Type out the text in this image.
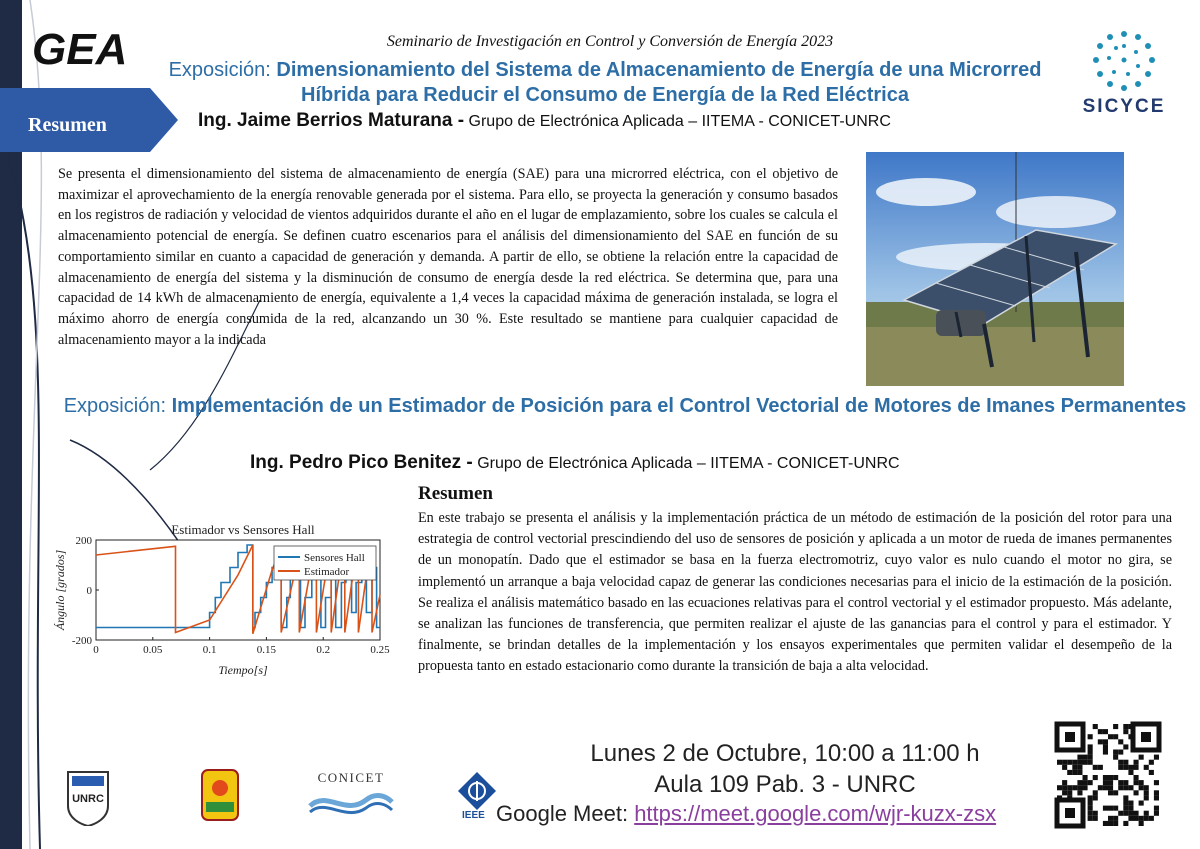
Resumen
GEA
SICYCE
Seminario de Investigación en Control y Conversión de Energía 2023
Exposición: Dimensionamiento del Sistema de Almacenamiento de Energía de una Microrred Híbrida para Reducir el Consumo de Energía de la Red Eléctrica
Ing. Jaime Berrios Maturana - Grupo de Electrónica Aplicada – IITEMA - CONICET-UNRC
Se presenta el dimensionamiento del sistema de almacenamiento de energía (SAE) para una microrred eléctrica, con el objetivo de maximizar el aprovechamiento de la energía renovable generada por el sistema. Para ello, se proyecta la generación y consumo basados en los registros de radiación y velocidad de vientos adquiridos durante el año en el lugar de emplazamiento, sobre los cuales se calcula el almacenamiento potencial de energía. Se definen cuatro escenarios para el análisis del dimensionamiento del SAE en función de su comportamiento similar en cuanto a capacidad de generación y demanda. A partir de ello, se obtiene la relación entre la capacidad de almacenamiento de energía del sistema y la disminución de consumo de energía desde la red eléctrica. Se determina que, para una capacidad de 14 kWh de almacenamiento de energía, equivalente a 1,4 veces la capacidad máxima de generación instalada, se logra el máximo ahorro de energía consumida de la red, alcanzando un 30 %. Este resultado se mantiene para cualquier capacidad de almacenamiento mayor a la indicada
Exposición: Implementación de un Estimador de Posición para el Control Vectorial de Motores de Imanes Permanentes
Ing. Pedro Pico Benitez - Grupo de Electrónica Aplicada – IITEMA - CONICET-UNRC
Resumen
En este trabajo se presenta el análisis y la implementación práctica de un método de estimación de la posición del rotor para una estrategia de control vectorial prescindiendo del uso de sensores de posición y aplicada a un motor de rueda de imanes permanentes de un monopatín. Dado que el estimador se basa en la fuerza electromotriz, cuyo valor es nulo cuando el motor no gira, se implementó un arranque a baja velocidad capaz de generar las condiciones necesarias para el inicio de la estimación de la posición. Se realiza el análisis matemático basado en las ecuaciones relativas para el control vectorial y el estimador propuesto. Más adelante, se analizan las funciones de transferencia, que permiten realizar el ajuste de las ganancias para el control y para el estimador. Y finalmente, se brindan detalles de la implementación y los ensayos experimentales que permiten validar el desempeño de la propuesta tanto en estado estacionario como durante la transición de baja a alta velocidad.
Estimador vs Sensores Hall
0	0.05	0.1	0.15	0.2	0.25
200
0
-200
Sensores Hall
Estimador
Tiempo[s]
Ángulo [grados]
Lunes 2 de Octubre, 10:00 a 11:00 h
Aula 109 Pab. 3 - UNRC
Google Meet: https://meet.google.com/wjr-kuzx-zsx
UNRC
CONICET
IEEE
